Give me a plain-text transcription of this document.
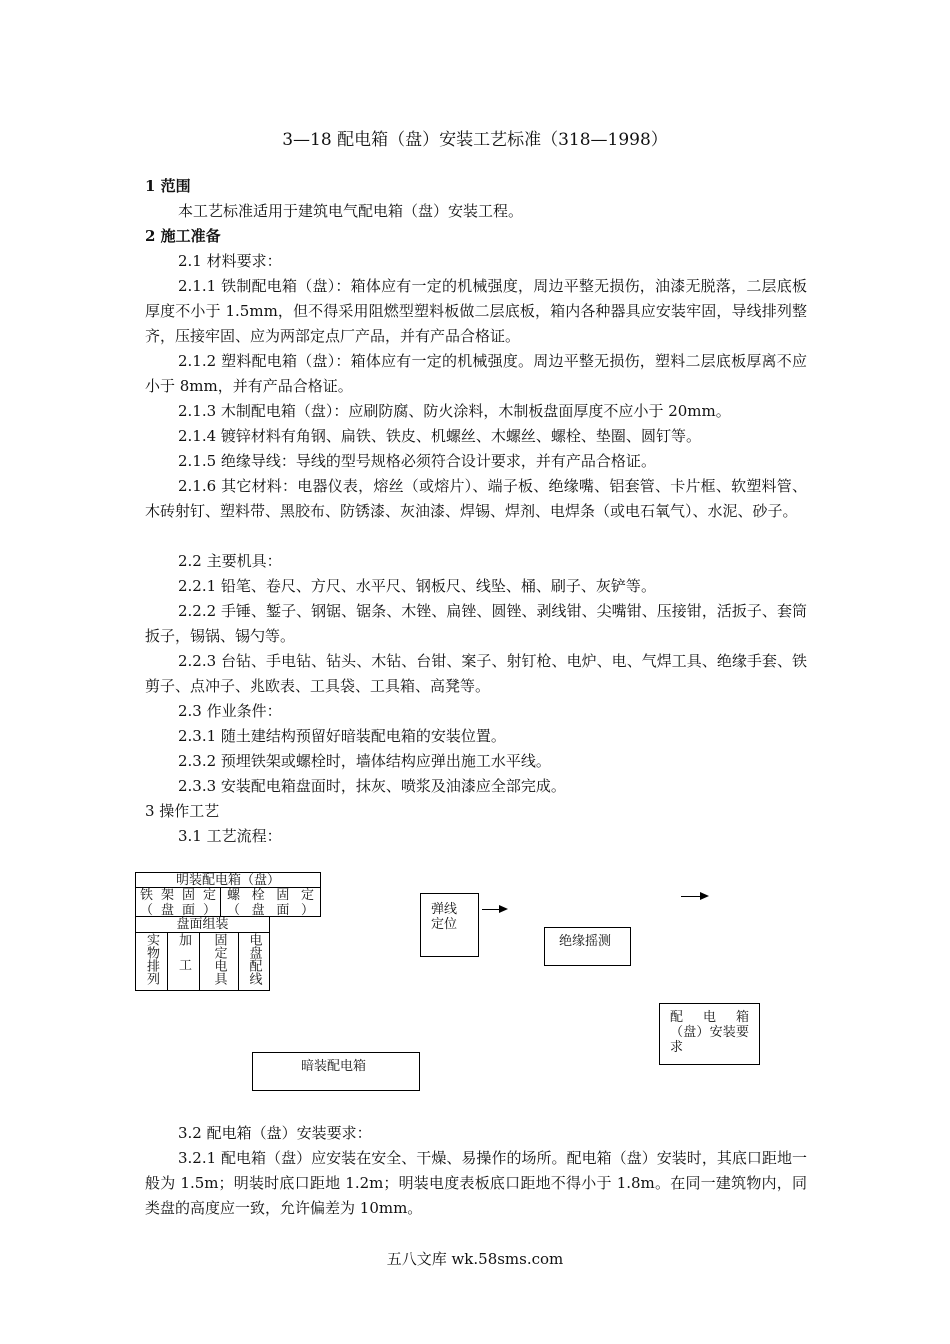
3—18 配电箱（盘）安装工艺标准（318—1998）
1 范围
本工艺标准适用于建筑电气配电箱（盘）安装工程。
2 施工准备
2.1 材料要求：
2.1.1 铁制配电箱（盘）：箱体应有一定的机械强度，周边平整无损伤，油漆无脱落，二层底板厚度不小于 1.5mm，但不得采用阻燃型塑料板做二层底板，箱内各种器具应安装牢固，导线排列整齐，压接牢固、应为两部定点厂产品，并有产品合格证。
2.1.2 塑料配电箱（盘）：箱体应有一定的机械强度。周边平整无损伤，塑料二层底板厚离不应小于 8mm，并有产品合格证。
2.1.3 木制配电箱（盘）：应刷防腐、防火涂料，木制板盘面厚度不应小于 20mm。
2.1.4 镀锌材料有角钢、扁铁、铁皮、机螺丝、木螺丝、螺栓、垫圈、圆钉等。
2.1.5 绝缘导线：导线的型号规格必须符合设计要求，并有产品合格证。
2.1.6 其它材料：电器仪表，熔丝（或熔片）、端子板、绝缘嘴、铝套管、卡片框、软塑料管、木砖射钉、塑料带、黑胶布、防锈漆、灰油漆、焊锡、焊剂、电焊条（或电石氧气）、水泥、砂子。
2.2 主要机具：
2.2.1 铅笔、卷尺、方尺、水平尺、钢板尺、线坠、桶、刷子、灰铲等。
2.2.2 手锤、錾子、钢锯、锯条、木锉、扁锉、圆锉、剥线钳、尖嘴钳、压接钳，活扳子、套筒扳子，锡锅、锡勺等。
2.2.3 台钻、手电钻、钻头、木钻、台钳、案子、射钉枪、电炉、电、气焊工具、绝缘手套、铁剪子、点冲子、兆欧表、工具袋、工具箱、高凳等。
2.3 作业条件：
2.3.1 随土建结构预留好暗装配电箱的安装位置。
2.3.2 预埋铁架或螺栓时，墙体结构应弹出施工水平线。
2.3.3 安装配电箱盘面时，抹灰、喷浆及油漆应全部完成。
3 操作工艺
3.1 工艺流程：
明装配电箱（盘）
铁架固定（盘面）
螺 栓 固 定（盘面）
盘面组装
实物排列	加工	固定电具	电盘配线
弹线定位
绝缘摇测
配 电 箱（盘）安装要求
暗装配电箱
3.2 配电箱（盘）安装要求：
3.2.1 配电箱（盘）应安装在安全、干燥、易操作的场所。配电箱（盘）安装时，其底口距地一般为 1.5m；明装时底口距地 1.2m；明装电度表板底口距地不得小于 1.8m。在同一建筑物内，同类盘的高度应一致，允许偏差为 10mm。
五八文库 wk.58sms.com
